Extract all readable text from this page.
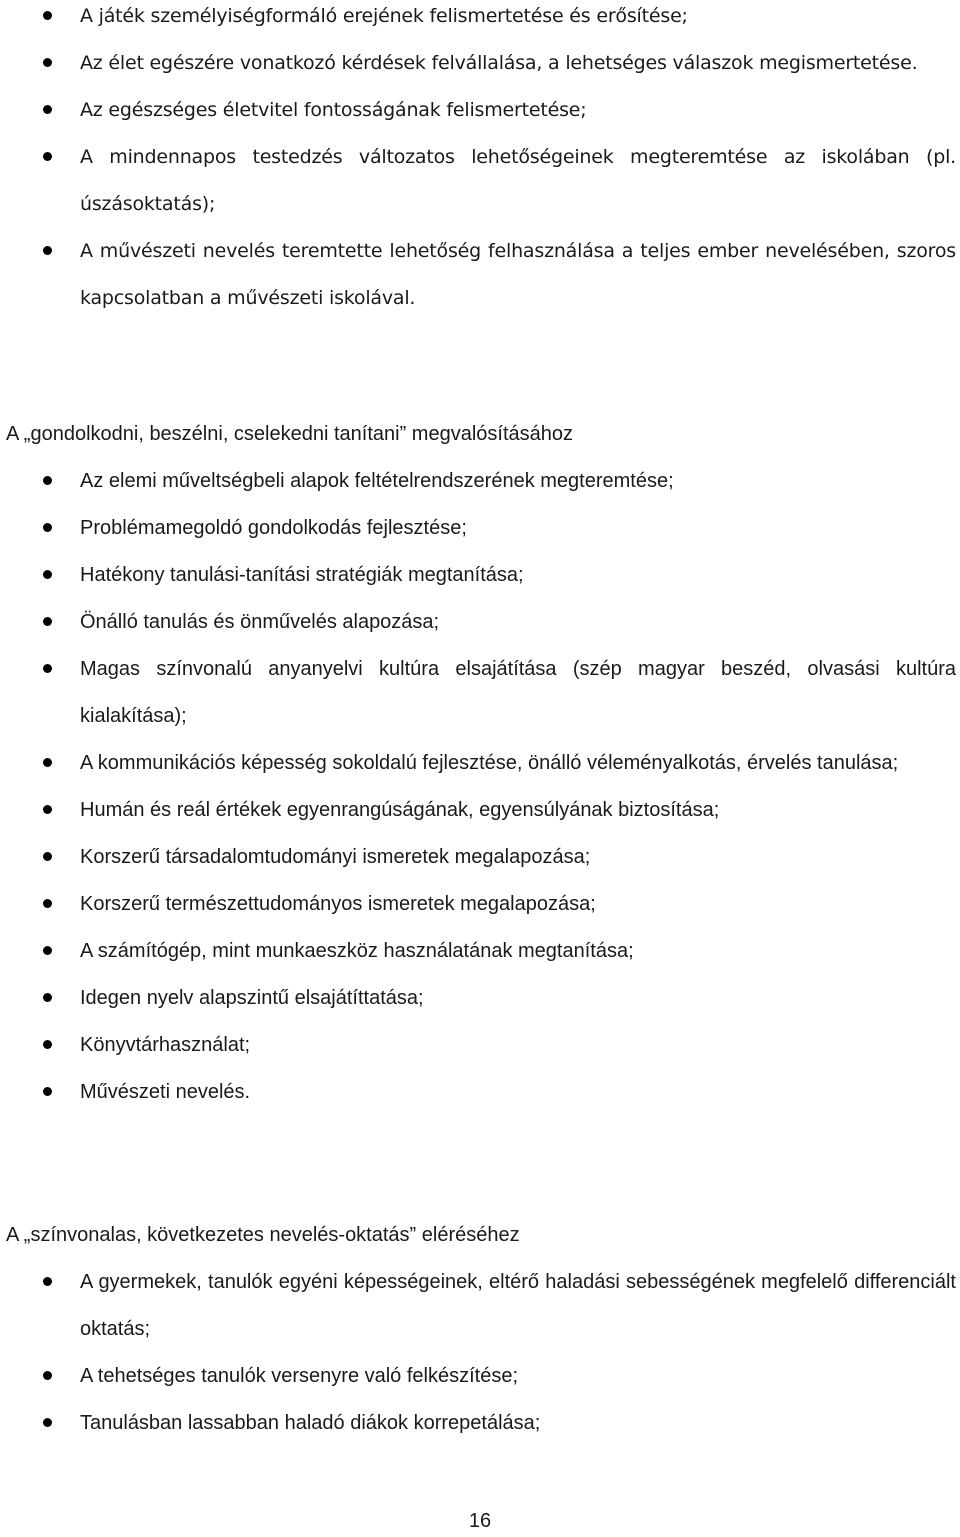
A játék személyiségformáló erejének felismertetése és erősítése;
Az élet egészére vonatkozó kérdések felvállalása, a lehetséges válaszok megismertetése.
Az egészséges életvitel fontosságának felismertetése;
A mindennapos testedzés változatos lehetőségeinek megteremtése az iskolában (pl. úszásoktatás);
A művészeti nevelés teremtette lehetőség felhasználása a teljes ember nevelésében, szoros kapcsolatban a művészeti iskolával.
A „gondolkodni, beszélni, cselekedni tanítani” megvalósításához
Az elemi műveltségbeli alapok feltételrendszerének megteremtése;
Problémamegoldó gondolkodás fejlesztése;
Hatékony tanulási-tanítási stratégiák megtanítása;
Önálló tanulás és önművelés alapozása;
Magas színvonalú anyanyelvi kultúra elsajátítása (szép magyar beszéd, olvasási kultúra kialakítása);
A kommunikációs képesség sokoldalú fejlesztése, önálló véleményalkotás, érvelés tanulása;
Humán és reál értékek egyenrangúságának, egyensúlyának biztosítása;
Korszerű társadalomtudományi ismeretek megalapozása;
Korszerű természettudományos ismeretek megalapozása;
A számítógép, mint munkaeszköz használatának megtanítása;
Idegen nyelv alapszintű elsajátíttatása;
Könyvtárhasználat;
Művészeti nevelés.
A „színvonalas, következetes nevelés-oktatás” eléréséhez
A gyermekek, tanulók egyéni képességeinek, eltérő haladási sebességének megfelelő differenciált oktatás;
A tehetséges tanulók versenyre való felkészítése;
Tanulásban lassabban haladó diákok korrepetálása;
16
